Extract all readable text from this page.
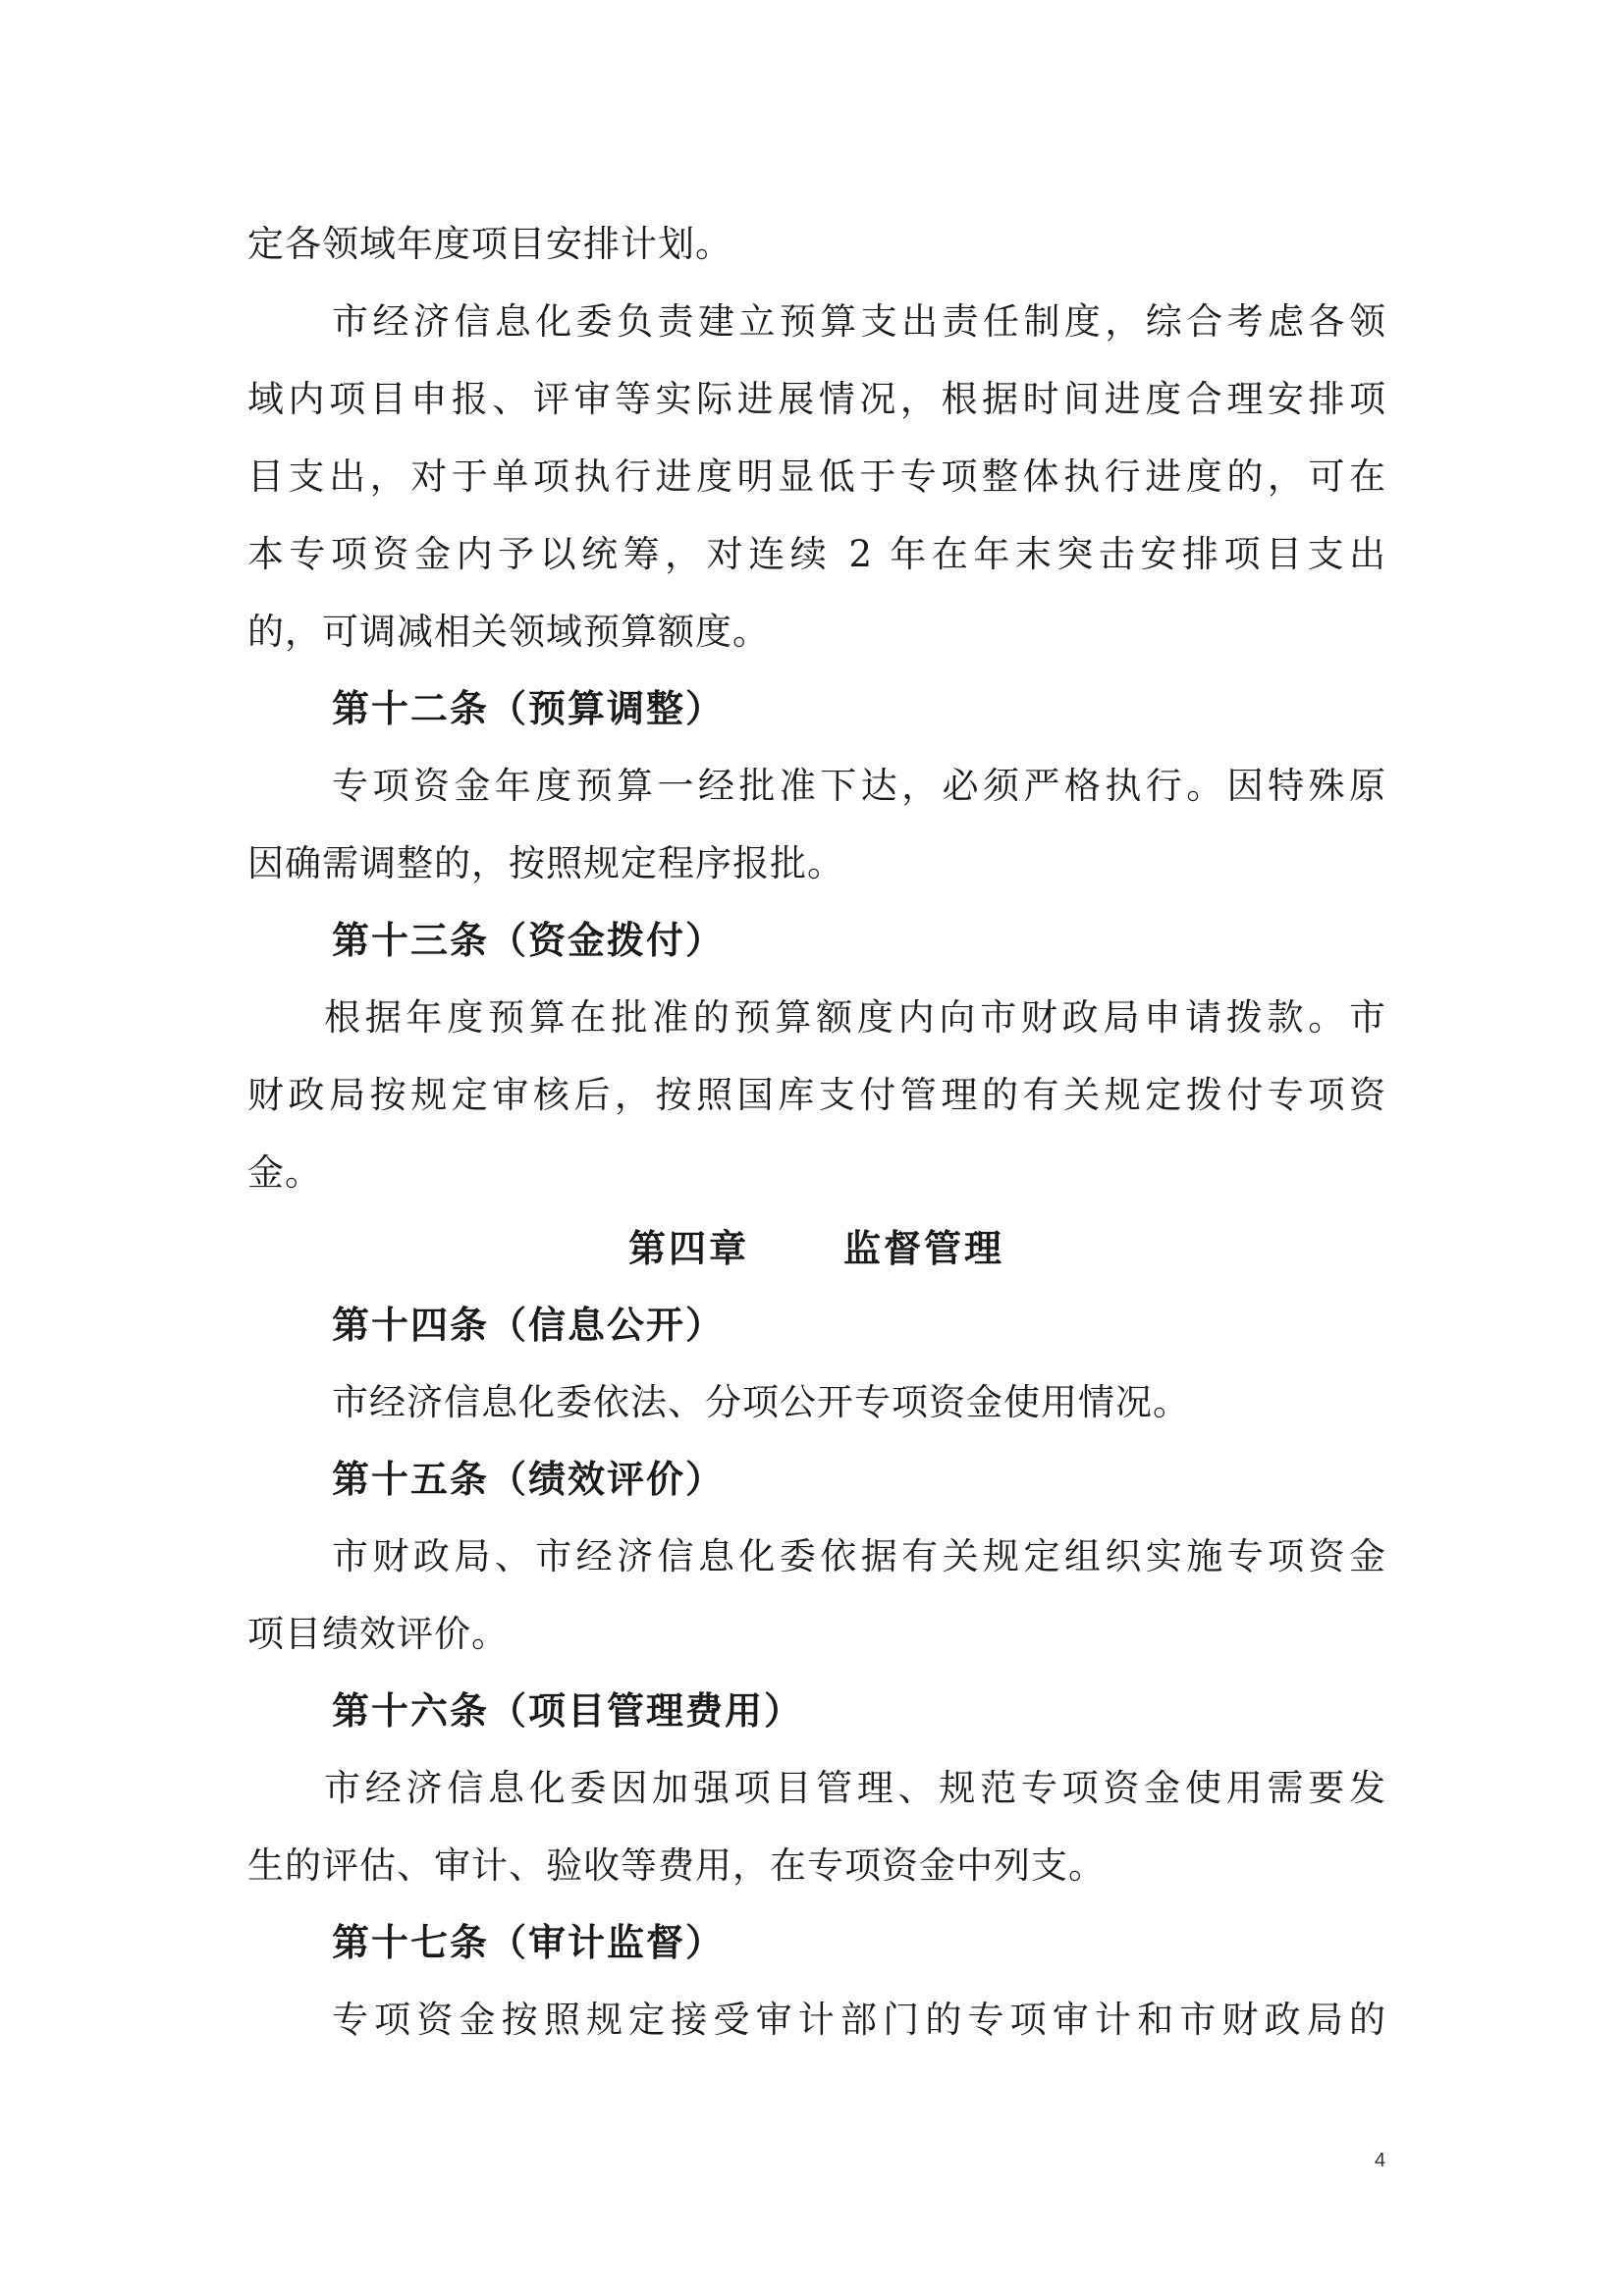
定各领域年度项目安排计划。
市经济信息化委负责建立预算支出责任制度，综合考虑各领
域内项目申报、评审等实际进展情况，根据时间进度合理安排项
目支出，对于单项执行进度明显低于专项整体执行进度的，可在
本专项资金内予以统筹，对连续 2 年在年末突击安排项目支出
的，可调减相关领域预算额度。
第十二条（预算调整）
专项资金年度预算一经批准下达，必须严格执行。因特殊原
因确需调整的，按照规定程序报批。
第十三条（资金拨付）
根据年度预算在批准的预算额度内向市财政局申请拨款。市
财政局按规定审核后，按照国库支付管理的有关规定拨付专项资
金。
第四章	监督管理
第十四条（信息公开）
市经济信息化委依法、分项公开专项资金使用情况。
第十五条（绩效评价）
市财政局、市经济信息化委依据有关规定组织实施专项资金
项目绩效评价。
第十六条（项目管理费用）
市经济信息化委因加强项目管理、规范专项资金使用需要发
生的评估、审计、验收等费用，在专项资金中列支。
第十七条（审计监督）
专项资金按照规定接受审计部门的专项审计和市财政局的
4
